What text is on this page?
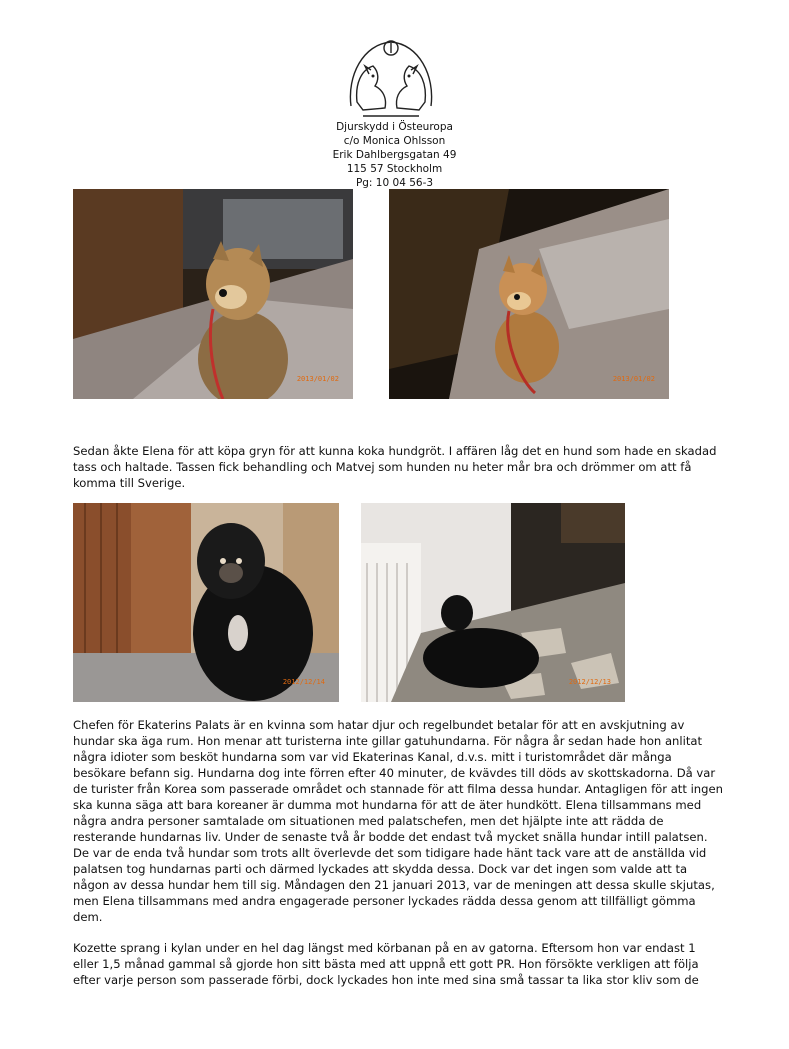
Djurskydd i Östeuropa
c/o Monica Ohlsson
Erik Dahlbergsgatan 49
115 57 Stockholm
Pg: 10 04 56-3
2013/01/02	2013/01/02

Sedan åkte Elena för att köpa gryn för att kunna koka hundgröt. I affären låg det en hund som hade en skadad tass och haltade. Tassen fick behandling och Matvej som hunden nu heter mår bra och drömmer om att få komma till Sverige.

2012/12/14	2012/12/13

Chefen för Ekaterins Palats är en kvinna som hatar djur och regelbundet betalar för att en avskjutning av hundar ska äga rum. Hon menar att turisterna inte gillar gatuhundarna. För några år sedan hade hon anlitat några idioter som besköt hundarna som var vid Ekaterinas Kanal, d.v.s. mitt i turistområdet där många besökare befann sig. Hundarna dog inte förren efter 40 minuter, de kvävdes till döds av skottskadorna. Då var de turister från Korea som passerade området och stannade för att filma dessa hundar. Antagligen för att ingen ska kunna säga att bara koreaner är dumma mot hundarna för att de äter hundkött. Elena tillsammans med några andra personer samtalade om situationen med palatschefen, men det hjälpte inte att rädda de resterande hundarnas liv. Under de senaste två år bodde det endast två mycket snälla hundar intill palatsen. De var de enda två hundar som trots allt överlevde det som tidigare hade hänt tack vare att de anställda vid palatsen tog hundarnas parti och därmed lyckades att skydda dessa. Dock var det ingen som valde att ta någon av dessa hundar hem till sig. Måndagen den 21 januari 2013, var de meningen att dessa skulle skjutas, men Elena tillsammans med andra engagerade personer lyckades rädda dessa genom att tillfälligt gömma dem.

Kozette sprang i kylan under en hel dag längst med körbanan på en av gatorna. Eftersom hon var endast 1 eller 1,5 månad gammal så gjorde hon sitt bästa med att uppnå ett gott PR. Hon försökte verkligen att följa efter varje person som passerade förbi, dock lyckades hon inte med sina små tassar ta lika stor kliv som de
